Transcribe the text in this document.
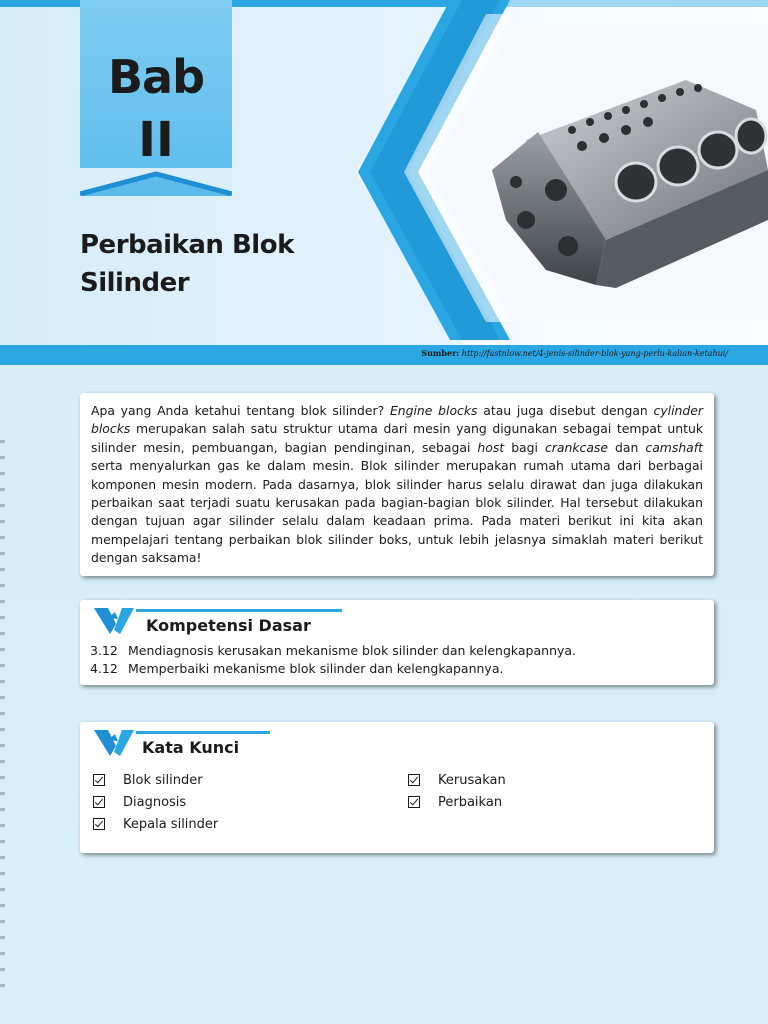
Bab
II
Perbaikan Blok
Silinder
Sumber: http://fastnlow.net/4-jenis-silinder-blok-yang-perlu-kalian-ketahui/

Apa yang Anda ketahui tentang blok silinder? Engine blocks atau juga disebut dengan cylinder blocks merupakan salah satu struktur utama dari mesin yang digunakan sebagai tempat untuk silinder mesin, pembuangan, bagian pendinginan, sebagai host bagi crankcase dan camshaft serta menyalurkan gas ke dalam mesin. Blok silinder merupakan rumah utama dari berbagai komponen mesin modern. Pada dasarnya, blok silinder harus selalu dirawat dan juga dilakukan perbaikan saat terjadi suatu kerusakan pada bagian-bagian blok silinder. Hal tersebut dilakukan dengan tujuan agar silinder selalu dalam keadaan prima. Pada materi berikut ini kita akan mempelajari tentang perbaikan blok silinder boks, untuk lebih jelasnya simaklah materi berikut dengan saksama!

Kompetensi Dasar
3.12 Mendiagnosis kerusakan mekanisme blok silinder dan kelengkapannya.
4.12 Memperbaiki mekanisme blok silinder dan kelengkapannya.
Kata Kunci
Blok silinder
Diagnosis
Kepala silinder
Kerusakan
Perbaikan
